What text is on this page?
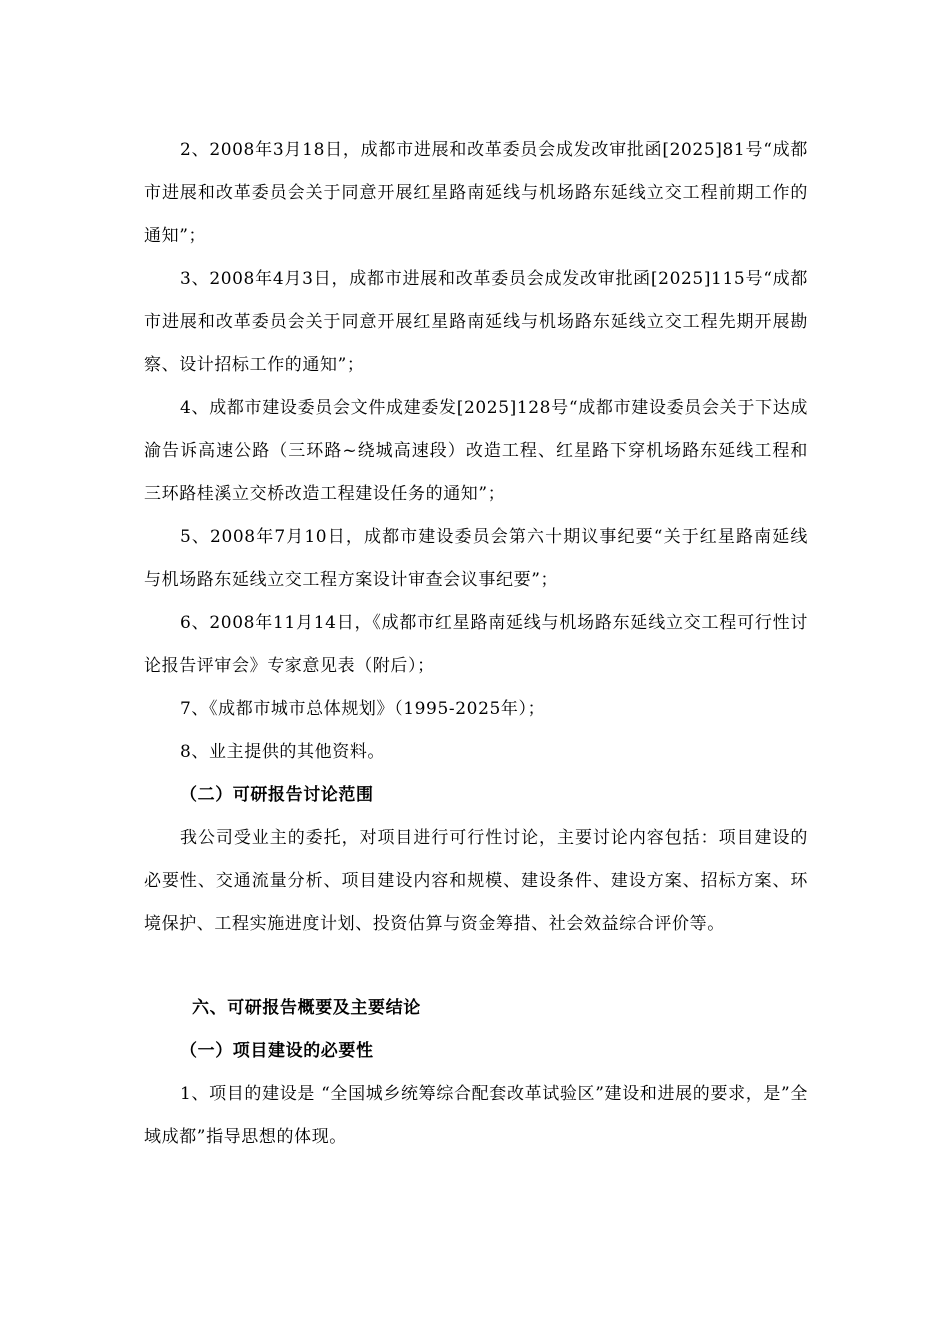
2、2008年3月18日，成都市进展和改革委员会成发改审批函[2025]81号“成都市进展和改革委员会关于同意开展红星路南延线与机场路东延线立交工程前期工作的通知”；

3、2008年4月3日，成都市进展和改革委员会成发改审批函[2025]115号“成都市进展和改革委员会关于同意开展红星路南延线与机场路东延线立交工程先期开展勘察、设计招标工作的通知”；

4、成都市建设委员会文件成建委发[2025]128号“成都市建设委员会关于下达成渝告诉高速公路（三环路~绕城高速段）改造工程、红星路下穿机场路东延线工程和三环路桂溪立交桥改造工程建设任务的通知”；

5、2008年7月10日，成都市建设委员会第六十期议事纪要“关于红星路南延线与机场路东延线立交工程方案设计审查会议事纪要”；

6、2008年11月14日，《成都市红星路南延线与机场路东延线立交工程可行性讨论报告评审会》专家意见表（附后）；

7、《成都市城市总体规划》（1995-2025年）；

8、业主提供的其他资料。

（二）可研报告讨论范围

我公司受业主的委托，对项目进行可行性讨论，主要讨论内容包括：项目建设的必要性、交通流量分析、项目建设内容和规模、建设条件、建设方案、招标方案、环境保护、工程实施进度计划、投资估算与资金筹措、社会效益综合评价等。

六、可研报告概要及主要结论

（一）项目建设的必要性

1、项目的建设是 “全国城乡统筹综合配套改革试验区”建设和进展的要求，是”全域成都”指导思想的体现。
